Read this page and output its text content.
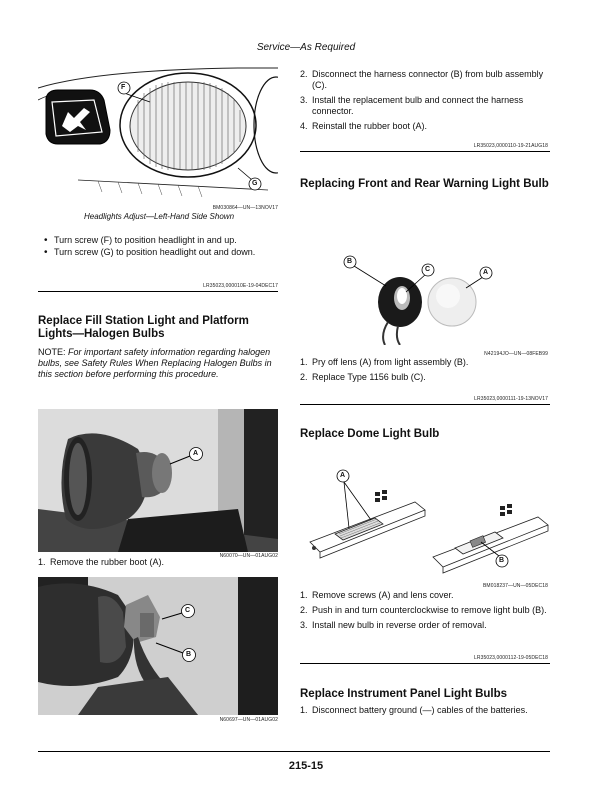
Service—As Required
F
G
BM030864—UN—13NOV17
Headlights Adjust—Left-Hand Side Shown
• Turn screw (F) to position headlight in and up.
• Turn screw (G) to position headlight out and down.
LR35023,000010E-19-04DEC17
Replace Fill Station Light and Platform Lights—Halogen Bulbs
NOTE: For important safety information regarding halogen bulbs, see Safety Rules When Replacing Halogen Bulbs in this section before performing this procedure.
A
N60070—UN—01AUG02
1. Remove the rubber boot (A).
C
B
N60697—UN—01AUG02
2. Disconnect the harness connector (B) from bulb assembly (C).
3. Install the replacement bulb and connect the harness connector.
4. Reinstall the rubber boot (A).
LR35023,0000110-19-21AUG18
Replacing Front and Rear Warning Light Bulb
B
C	A
N42194JO—UN—08FEB99
1. Pry off lens (A) from light assembly (B).
2. Replace Type 1156 bulb (C).
LR35023,0000111-19-13NOV17
Replace Dome Light Bulb
A
B
BM018237—UN—05DEC18
1. Remove screws (A) and lens cover.
2. Push in and turn counterclockwise to remove light bulb (B).
3. Install new bulb in reverse order of removal.
LR35023,0000112-19-05DEC18
Replace Instrument Panel Light Bulbs
1. Disconnect battery ground (—) cables of the batteries.
215-15
